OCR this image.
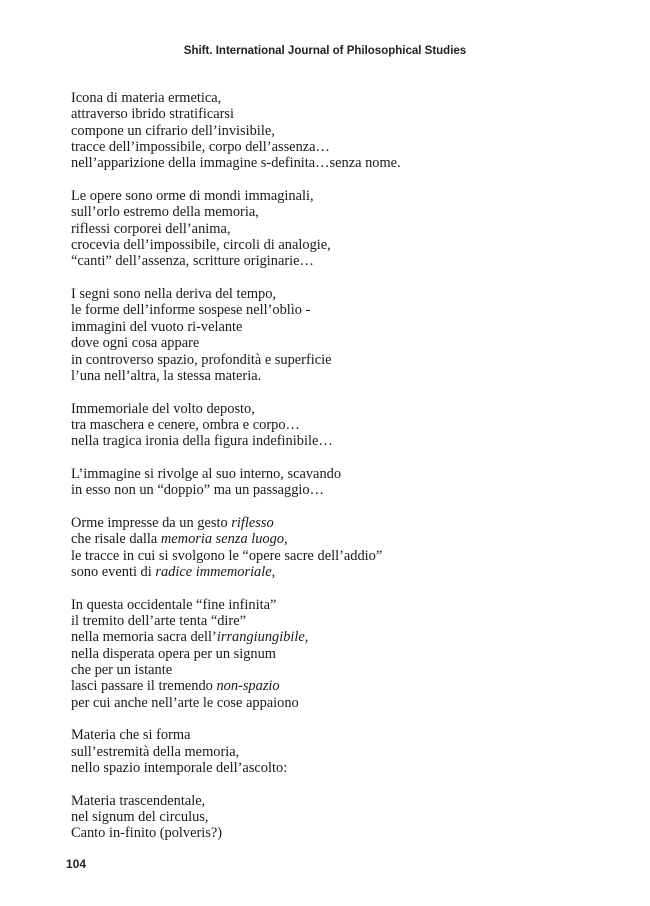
Shift. International Journal of Philosophical Studies
Icona di materia ermetica,
attraverso ibrido stratificarsi
compone un cifrario dell’invisibile,
tracce dell’impossibile, corpo dell’assenza…
nell’apparizione della immagine s-definita…senza nome.
Le opere sono orme di mondi immaginali,
sull’orlo estremo della memoria,
riflessi corporei dell’anima,
crocevia dell’impossibile, circoli di analogie,
“canti” dell’assenza, scritture originarie…
I segni sono nella deriva del tempo,
le forme dell’informe sospese nell’oblìo -
immagini del vuoto ri-velante
dove ogni cosa appare
in controverso spazio, profondità e superficie
l’una nell’altra, la stessa materia.
Immemoriale del volto deposto,
tra maschera e cenere, ombra e corpo…
nella tragica ironia della figura indefinibile…
L’immagine si rivolge al suo interno, scavando
in esso non un “doppio” ma un passaggio…
Orme impresse da un gesto riflesso
che risale dalla memoria senza luogo,
le tracce in cui si svolgono le “opere sacre dell’addio”
sono eventi di radice immemoriale,
In questa occidentale “fine infinita”
il tremito dell’arte tenta “dire”
nella memoria sacra dell’irrangiungibile,
nella disperata opera per un signum
che per un istante
lasci passare il tremendo non-spazio
per cui anche nell’arte le cose appaiono
Materia che si forma
sull’estremità della memoria,
nello spazio intemporale dell’ascolto:
Materia trascendentale,
nel signum del circulus,
Canto in-finito (polveris?)
104
